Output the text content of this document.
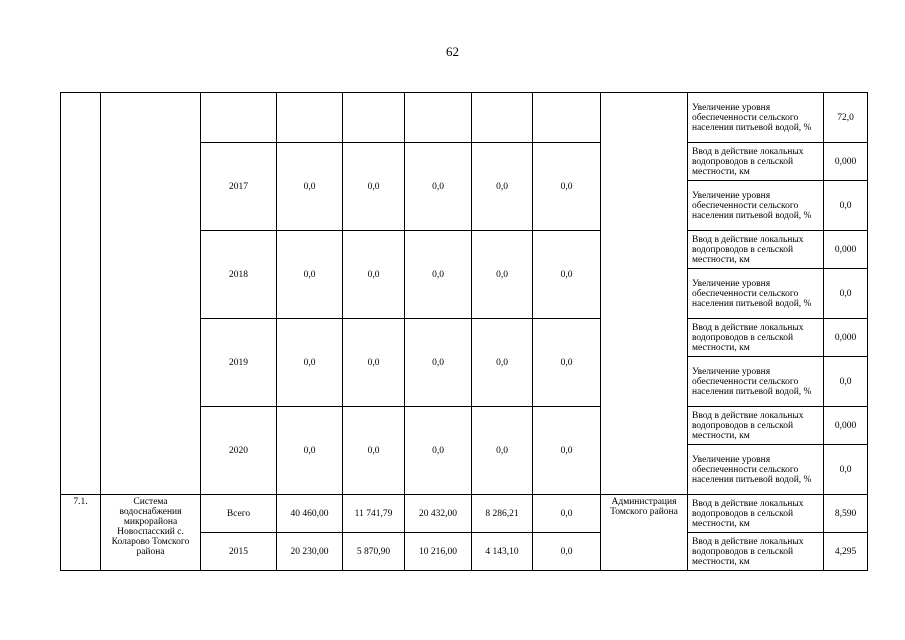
62
									Увеличение уровня обеспеченности сельского населения питьевой водой, %	72,0
		2017	0,0	0,0	0,0	0,0	0,0		Ввод в действие локальных водопроводов в сельской местности, км	0,000
									Увеличение уровня обеспеченности сельского населения питьевой водой, %	0,0
		2018	0,0	0,0	0,0	0,0	0,0		Ввод в действие локальных водопроводов в сельской местности, км	0,000
									Увеличение уровня обеспеченности сельского населения питьевой водой, %	0,0
		2019	0,0	0,0	0,0	0,0	0,0		Ввод в действие локальных водопроводов в сельской местности, км	0,000
									Увеличение уровня обеспеченности сельского населения питьевой водой, %	0,0
		2020	0,0	0,0	0,0	0,0	0,0		Ввод в действие локальных водопроводов в сельской местности, км	0,000
									Увеличение уровня обеспеченности сельского населения питьевой водой, %	0,0
7.1.	Система водоснабжения микрорайона Новоспасский с. Коларово Томского района	Всего	40 460,00	11 741,79	20 432,00	8 286,21	0,0	Администрация Томского района	Ввод в действие локальных водопроводов в сельской местности, км	8,590
		2015	20 230,00	5 870,90	10 216,00	4 143,10	0,0		Ввод в действие локальных водопроводов в сельской местности, км	4,295
